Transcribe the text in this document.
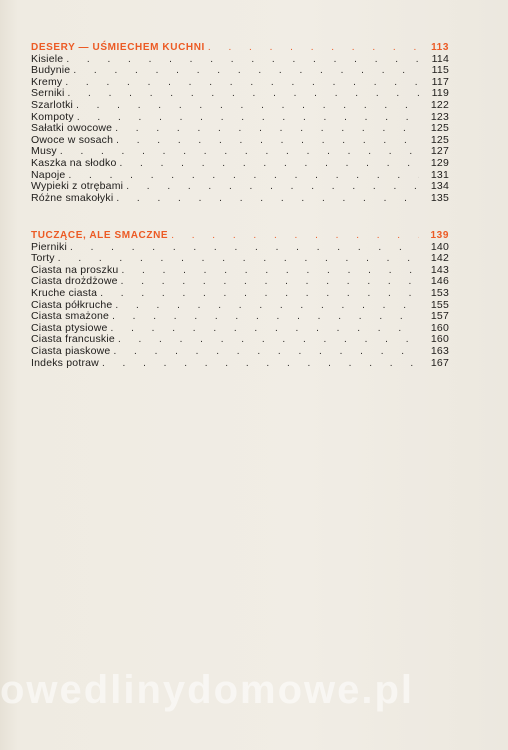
DESERY — UŚMIECHEM KUCHNI . . .	113
Kisiele . . .	114
Budynie . . .	115
Kremy . . .	117
Serniki . . .	119
Szarlotki . . .	122
Kompoty . . .	123
Sałatki owocowe . . .	125
Owoce w sosach . . .	125
Musy . . .	127
Kaszka na słodko . . .	129
Napoje . . .	131
Wypieki z otrębami . . .	134
Różne smakołyki . . .	135
TUCZĄCE, ALE SMACZNE . . .	139
Pierniki . . .	140
Torty . . .	142
Ciasta na proszku . . .	143
Ciasta drożdżowe . . .	146
Kruche ciasta . . .	153
Ciasta półkruche . . .	155
Ciasta smażone . . .	157
Ciasta ptysiowe . . .	160
Ciasta francuskie . . .	160
Ciasta piaskowe . . .	163
Indeks potraw . . .	167
owedlinydomowe.pl
